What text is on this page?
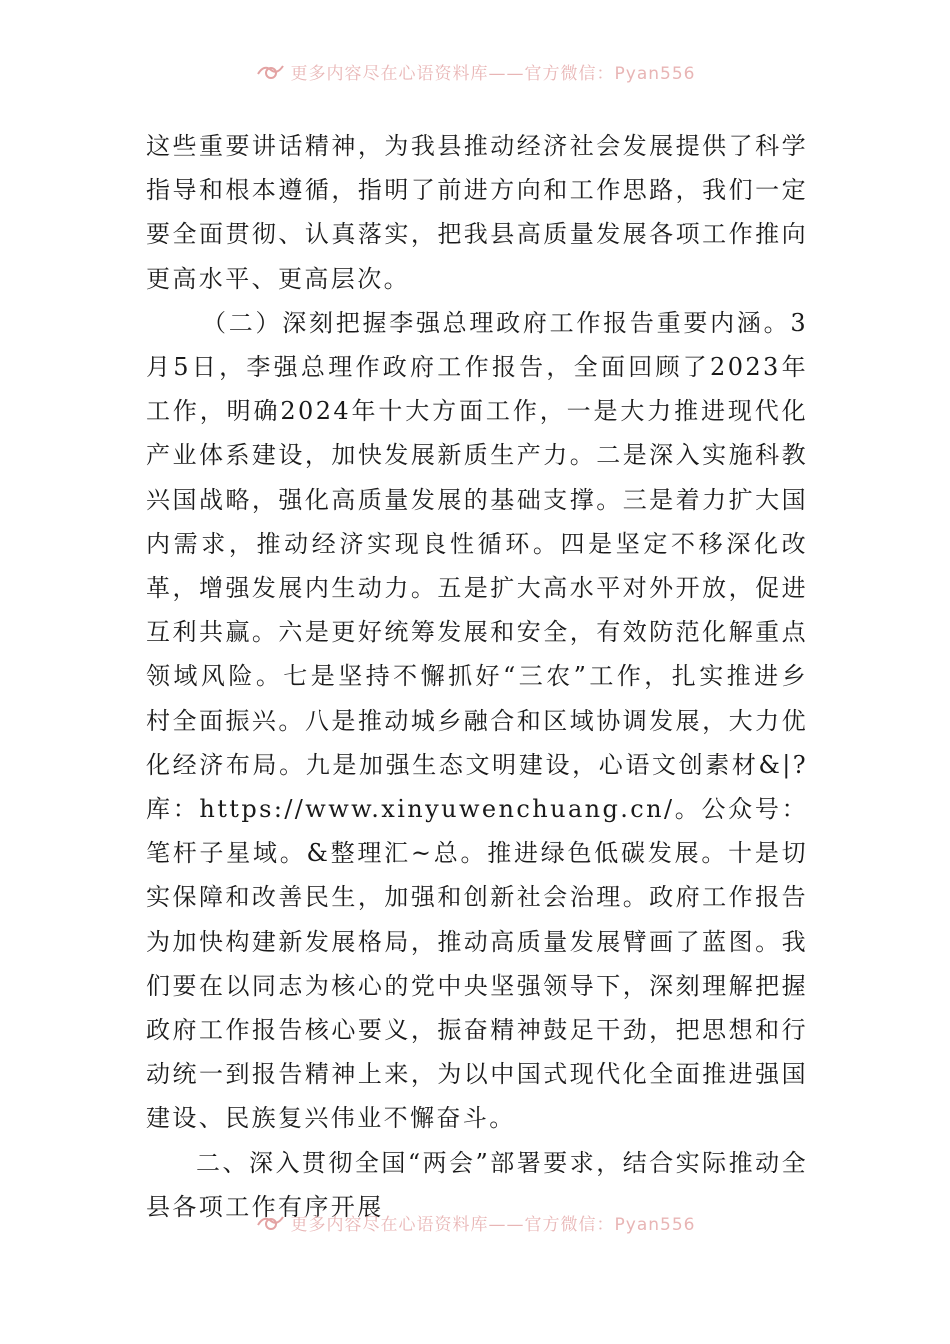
更多内容尽在心语资料库——官方微信：Pyan556

这些重要讲话精神，为我县推动经济社会发展提供了科学指导和根本遵循，指明了前进方向和工作思路，我们一定要全面贯彻、认真落实，把我县高质量发展各项工作推向更高水平、更高层次。

（二）深刻把握李强总理政府工作报告重要内涵。3月5日，李强总理作政府工作报告，全面回顾了2023年工作，明确2024年十大方面工作，一是大力推进现代化产业体系建设，加快发展新质生产力。二是深入实施科教兴国战略，强化高质量发展的基础支撑。三是着力扩大国内需求，推动经济实现良性循环。四是坚定不移深化改革，增强发展内生动力。五是扩大高水平对外开放，促进互利共赢。六是更好统筹发展和安全，有效防范化解重点领域风险。七是坚持不懈抓好“三农”工作，扎实推进乡村全面振兴。八是推动城乡融合和区域协调发展，大力优化经济布局。九是加强生态文明建设，心语文创素材&|?库：https://www.xinyuwenchuang.cn/。公众号：笔杆子星域。&整理汇~总。推进绿色低碳发展。十是切实保障和改善民生，加强和创新社会治理。政府工作报告为加快构建新发展格局，推动高质量发展臂画了蓝图。我们要在以同志为核心的党中央坚强领导下，深刻理解把握政府工作报告核心要义，振奋精神鼓足干劲，把思想和行动统一到报告精神上来，为以中国式现代化全面推进强国建设、民族复兴伟业不懈奋斗。

二、深入贯彻全国“两会”部署要求，结合实际推动全县各项工作有序开展

更多内容尽在心语资料库——官方微信：Pyan556
